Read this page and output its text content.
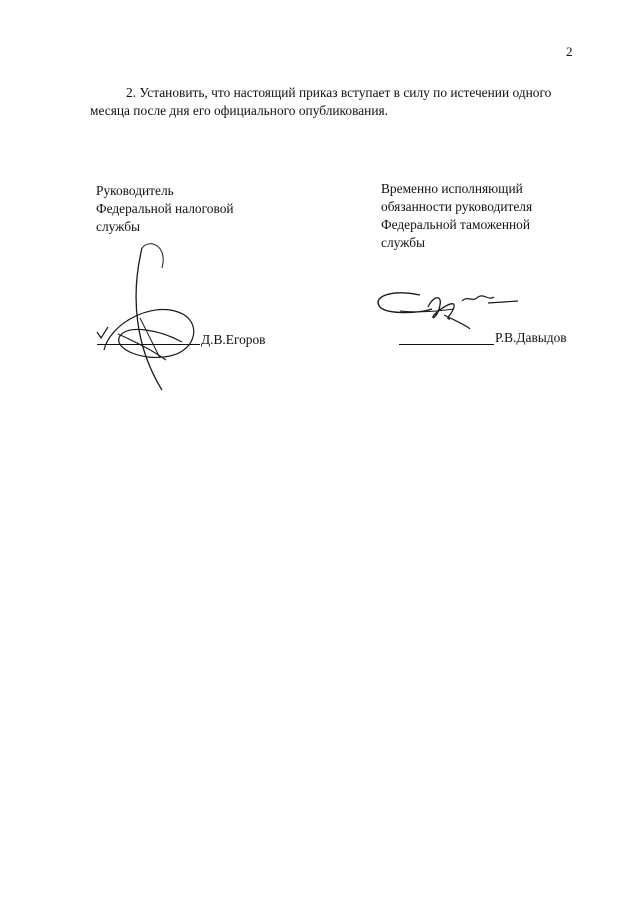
2
2. Установить, что настоящий приказ вступает в силу по истечении одного месяца после дня его официального опубликования.
Руководитель
Федеральной налоговой
службы
Временно исполняющий
обязанности руководителя
Федеральной таможенной
службы
Д.В.Егоров	Р.В.Давыдов
